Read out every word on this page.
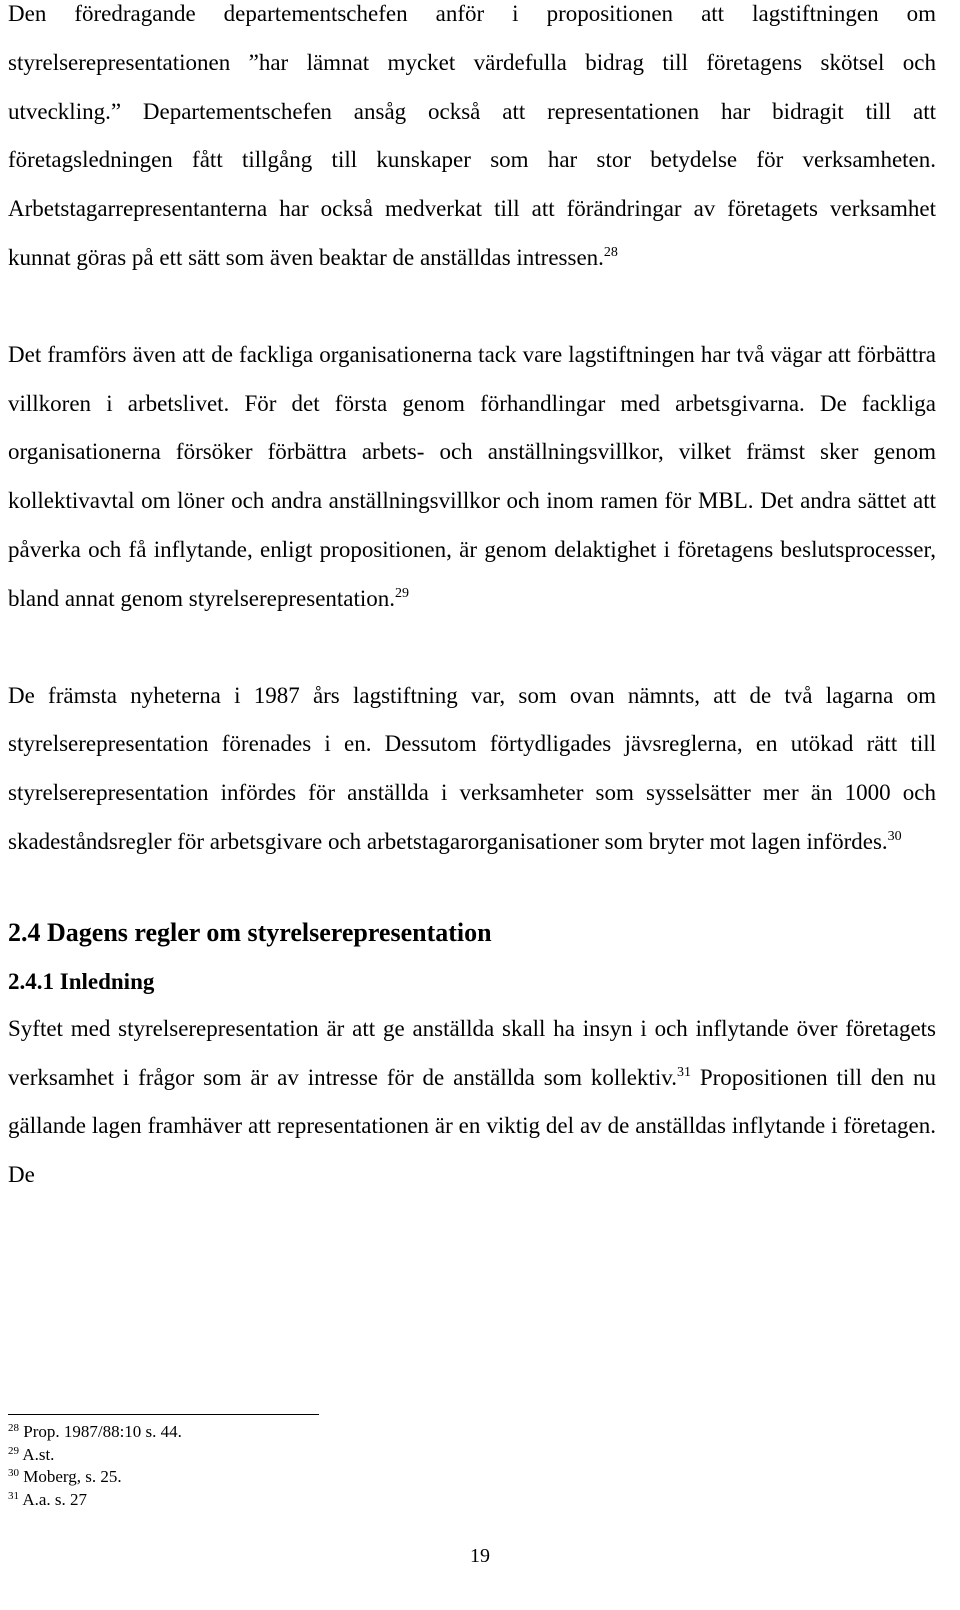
Den föredragande departementschefen anför i propositionen att lagstiftningen om styrelserepresentationen ”har lämnat mycket värdefulla bidrag till företagens skötsel och utveckling.” Departementschefen ansåg också att representationen har bidragit till att företagsledningen fått tillgång till kunskaper som har stor betydelse för verksamheten. Arbetstagarrepresentanterna har också medverkat till att förändringar av företagets verksamhet kunnat göras på ett sätt som även beaktar de anställdas intressen.$^{28}$

Det framförs även att de fackliga organisationerna tack vare lagstiftningen har två vägar att förbättra villkoren i arbetslivet. För det första genom förhandlingar med arbetsgivarna. De fackliga organisationerna försöker förbättra arbets- och anställningsvillkor, vilket främst sker genom kollektivavtal om löner och andra anställningsvillkor och inom ramen för MBL. Det andra sättet att påverka och få inflytande, enligt propositionen, är genom delaktighet i företagens beslutsprocesser, bland annat genom styrelserepresentation.$^{29}$

De främsta nyheterna i 1987 års lagstiftning var, som ovan nämnts, att de två lagarna om styrelserepresentation förenades i en. Dessutom förtydligades jävsreglerna, en utökad rätt till styrelserepresentation infördes för anställda i verksamheter som sysselsätter mer än 1000 och skadeståndsregler för arbetsgivare och arbetstagarorganisationer som bryter mot lagen infördes.$^{30}$

2.4 Dagens regler om styrelserepresentation
2.4.1 Inledning

Syftet med styrelserepresentation är att ge anställda skall ha insyn i och inflytande över företagets verksamhet i frågor som är av intresse för de anställda som kollektiv.$^{31}$ Propositionen till den nu gällande lagen framhäver att representationen är en viktig del av de anställdas inflytande i företagen. De

$^{28}$ Prop. 1987/88:10 s. 44.
$^{29}$ A.st.
$^{30}$ Moberg, s. 25.
$^{31}$ A.a. s. 27
19
